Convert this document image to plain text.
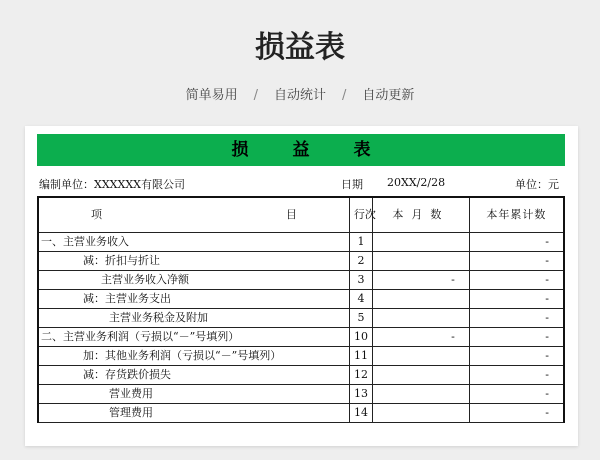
损益表
简单易用 / 自动统计 / 自动更新
损益表
编制单位：XXXXXX有限公司	日期 20XX/2/28	单位：元
项 目	行次	本月数	本年累计数
一、主营业务收入	1		-
减：折扣与折让	2		-
主营业务收入净额	3	-	-
减：主营业务支出	4		-
主营业务税金及附加	5		-
二、主营业务利润（亏损以“－”号填列）	10	-	-
加：其他业务利润（亏损以“－”号填列）	11		-
减：存货跌价损失	12		-
营业费用	13		-
管理费用	14		-
